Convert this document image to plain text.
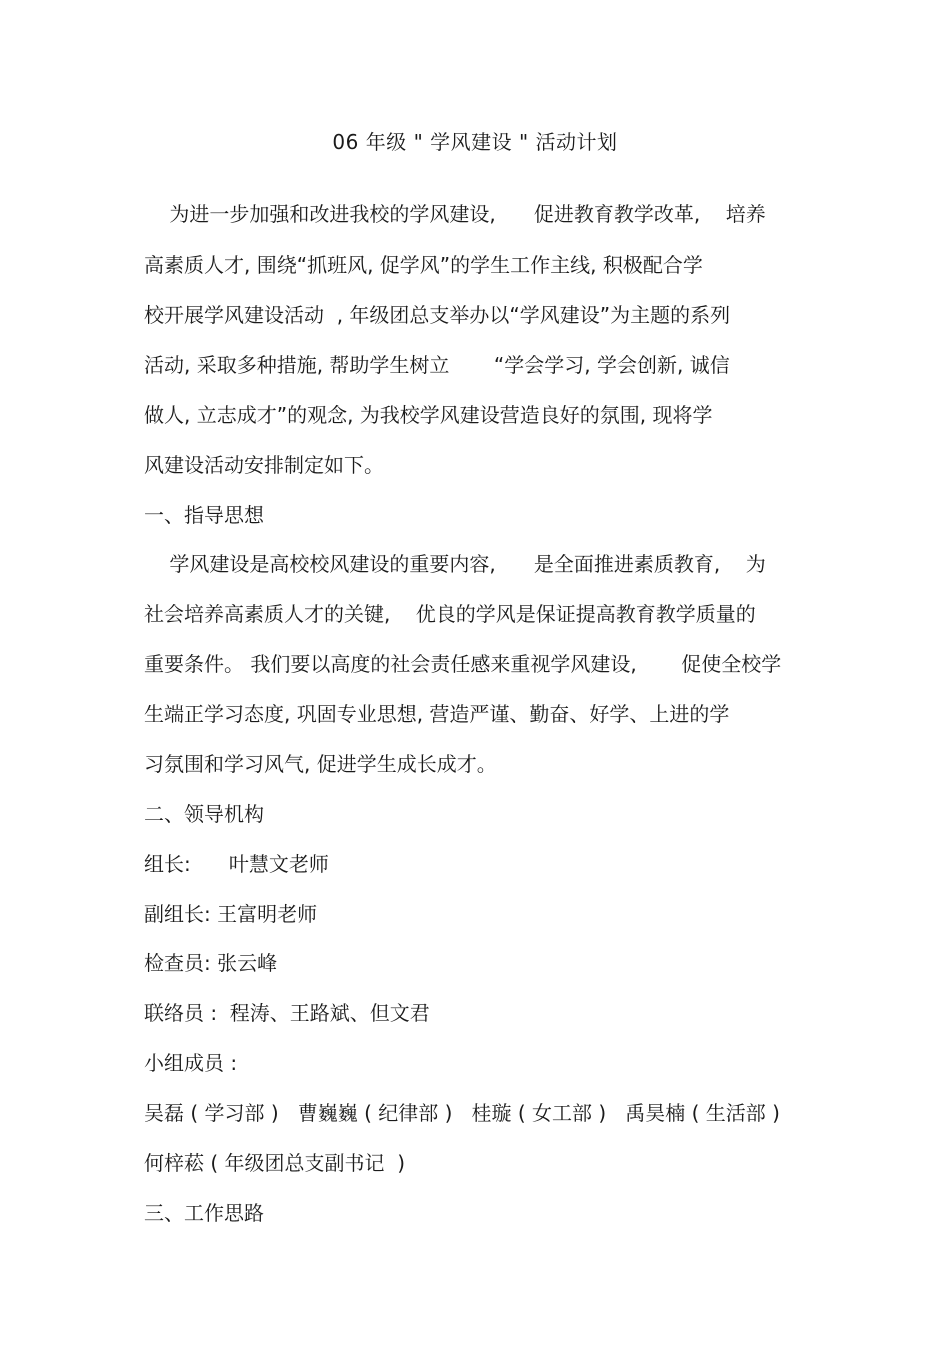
06 年级 " 学风建设 " 活动计划
为进一步加强和改进我校的学风建设,      促进教育教学改革,    培养
高素质人才, 围绕“抓班风, 促学风”的学生工作主线, 积极配合学
校开展学风建设活动  , 年级团总支举办以“学风建设”为主题的系列
活动, 采取多种措施, 帮助学生树立       “学会学习, 学会创新, 诚信
做人, 立志成才”的观念, 为我校学风建设营造良好的氛围, 现将学
风建设活动安排制定如下。
一、指导思想
学风建设是高校校风建设的重要内容,      是全面推进素质教育,    为
社会培养高素质人才的关键,    优良的学风是保证提高教育教学质量的
重要条件。 我们要以高度的社会责任感来重视学风建设,       促使全校学
生端正学习态度, 巩固专业思想, 营造严谨、勤奋、好学、上进的学
习氛围和学习风气, 促进学生成长成才。
二、领导机构
组长:      叶慧文老师
副组长: 王富明老师
检查员: 张云峰
联络员 :  程涛、王路斌、但文君
小组成员 :
吴磊 ( 学习部 )   曹巍巍 ( 纪律部 )   桂璇 ( 女工部 )   禹昊楠 ( 生活部 )
何梓菘 ( 年级团总支副书记  )
三、工作思路
